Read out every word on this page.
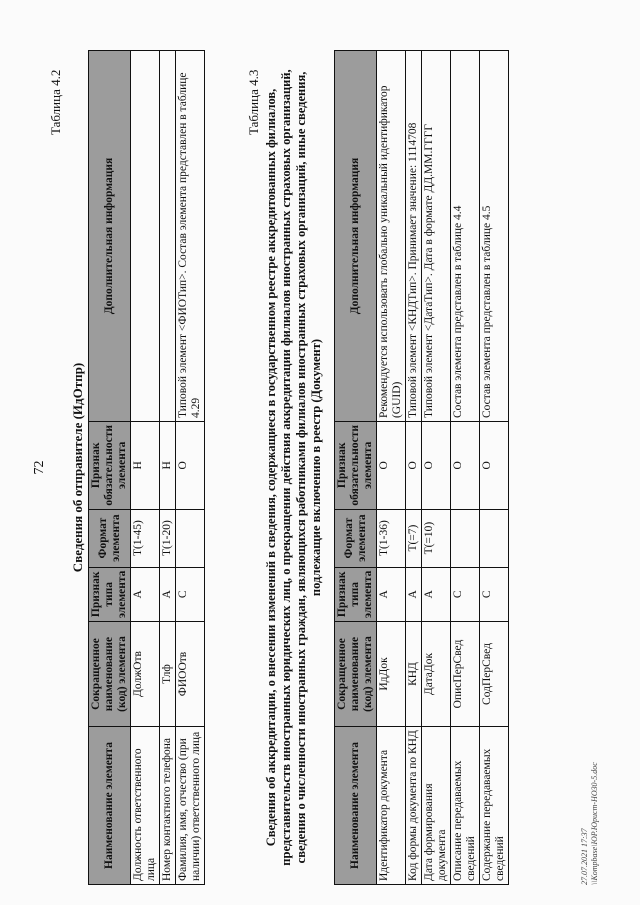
72
Таблица 4.2
Сведения об отправителе (ИдОтпр)
Наименование элемента	Сокращенное наименование (код) элемента	Признак типа элемента	Формат элемента	Признак обязательности элемента	Дополнительная информация
Должность ответственного лица	ДолжОтв	А	T(1-45)	Н	
Номер контактного телефона	Тлф	А	T(1-20)	Н	
Фамилия, имя, отчество (при наличии) ответственного лица	ФИООтв	С		О	Типовой элемент <ФИОТип>. Состав элемента представлен в таблице 4.29
Таблица 4.3 Сведения об аккредитации, о внесении изменений в сведения, содержащиеся в государственном реестре аккредитованных филиалов, представительств иностранных юридических лиц, о прекращении действия аккредитации филиалов иностранных страховых организаций, сведения о численности иностранных граждан, являющихся работниками филиалов иностранных страховых организаций, иные сведения, подлежащие включению в реестр (Документ)
Наименование элемента	Сокращенное наименование (код) элемента	Признак типа элемента	Формат элемента	Признак обязательности элемента	Дополнительная информация
Идентификатор документа	ИдДок	А	T(1-36)	О	Рекомендуется использовать глобально уникальный идентификатор (GUID)
Код формы документа по КНД	КНД	А	T(=7)	О	Типовой элемент <КНДТип>. Принимает значение: 1114708
Дата формирования документа	ДатаДок	А	T(=10)	О	Типовой элемент <ДатаТип>. Дата в формате ДД.ММ.ГГГГ
Описание передаваемых сведений	ОписПерСвед	С		О	Состав элемента представлен в таблице 4.4
Содержание передаваемых сведений	СодПерСвед	С		О	Состав элемента представлен в таблице 4.5
27.07.2021 17:37 \\Kompbase\ЮР.Юрист-НОЗ0-5.doc
